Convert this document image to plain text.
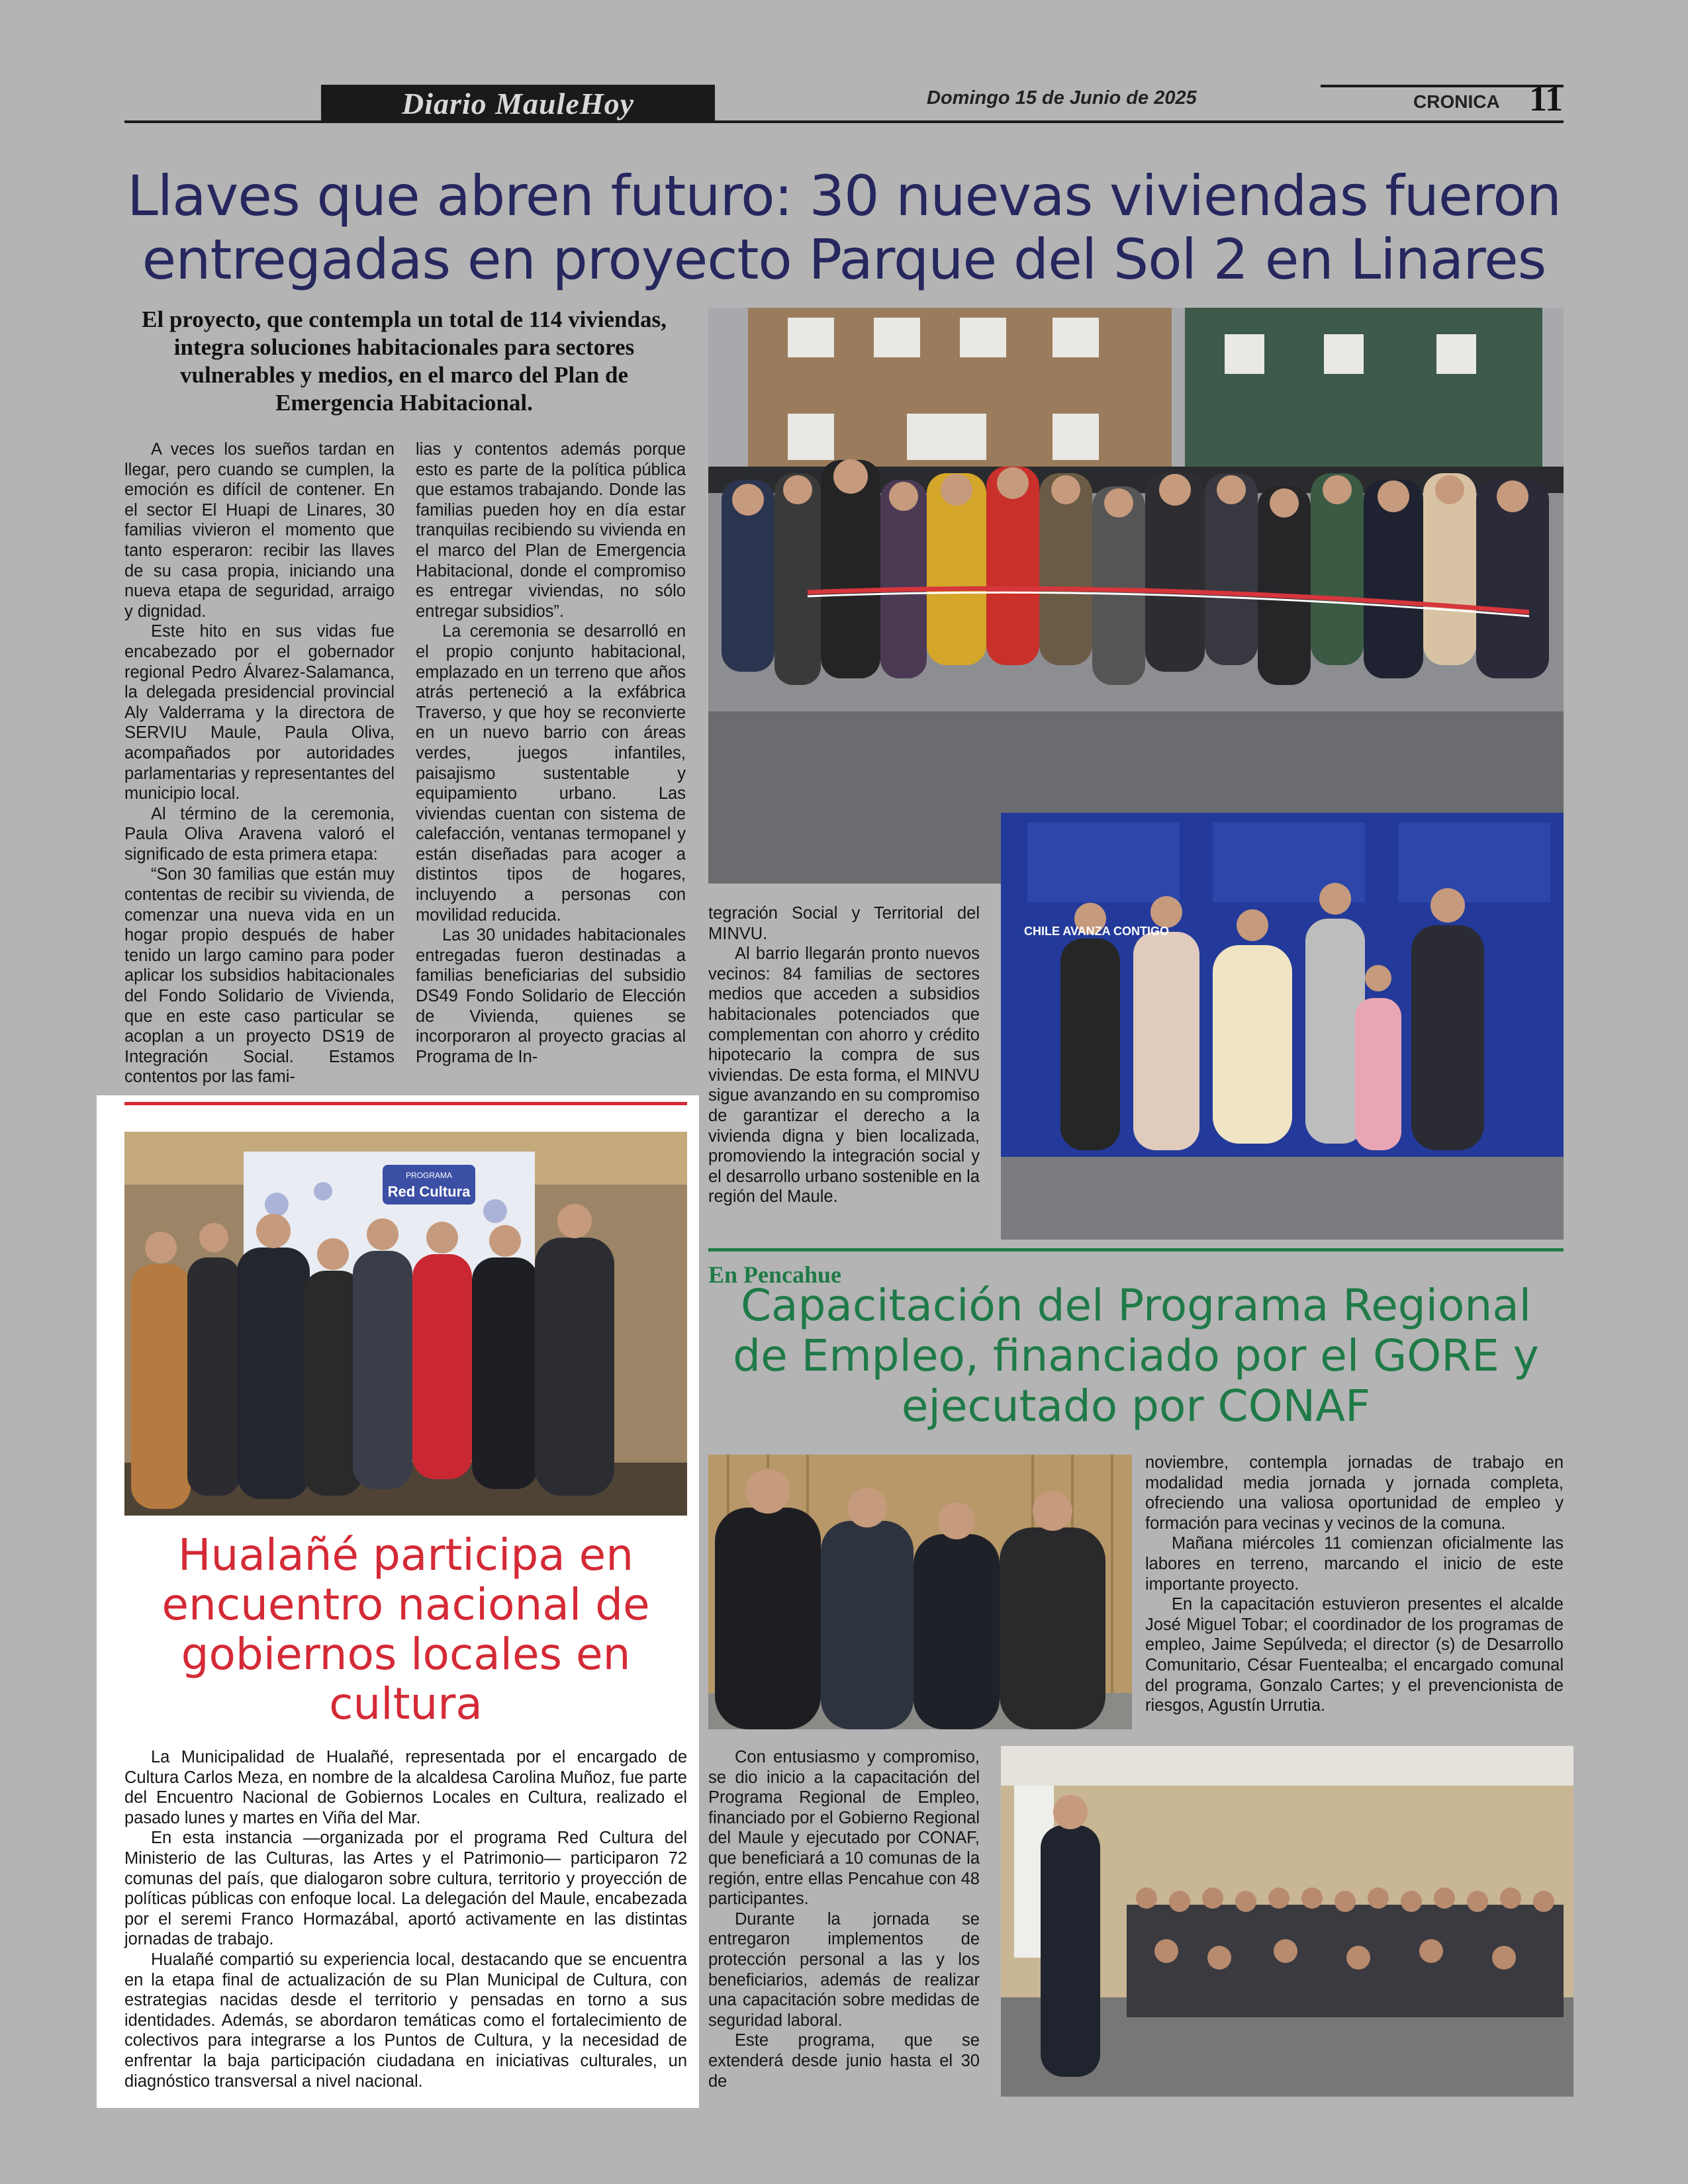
Diario MauleHoy	Domingo 15 de Junio de 2025	CRONICA 11
Llaves que abren futuro: 30 nuevas viviendas fueron entregadas en proyecto Parque del Sol 2 en Linares
El proyecto, que contempla un total de 114 viviendas, integra soluciones habitacionales para sectores vulnerables y medios, en el marco del Plan de Emergencia Habitacional.

A veces los sueños tardan en llegar, pero cuando se cumplen, la emoción es difícil de contener. En el sector El Huapi de Linares, 30 familias vivieron el momento que tanto esperaron: recibir las llaves de su casa propia, iniciando una nueva etapa de seguridad, arraigo y dignidad.

Este hito en sus vidas fue encabezado por el gobernador regional Pedro Álvarez-Salamanca, la delegada presidencial provincial Aly Valderrama y la directora de SERVIU Maule, Paula Oliva, acompañados por autoridades parlamentarias y representantes del municipio local.

Al término de la ceremonia, Paula Oliva Aravena valoró el significado de esta primera etapa:

“Son 30 familias que están muy contentas de recibir su vivienda, de comenzar una nueva vida en un hogar propio después de haber tenido un largo camino para poder aplicar los subsidios habitacionales del Fondo Solidario de Vivienda, que en este caso particular se acoplan a un proyecto DS19 de Integración Social. Estamos contentos por las fami-

lias y contentos además porque esto es parte de la política pública que estamos trabajando. Donde las familias pueden hoy en día estar tranquilas recibiendo su vivienda en el marco del Plan de Emergencia Habitacional, donde el compromiso es entregar viviendas, no sólo entregar subsidios”.

La ceremonia se desarrolló en el propio conjunto habitacional, emplazado en un terreno que años atrás perteneció a la exfábrica Traverso, y que hoy se reconvierte en un nuevo barrio con áreas verdes, juegos infantiles, paisajismo sustentable y equipamiento urbano. Las viviendas cuentan con sistema de calefacción, ventanas termopanel y están diseñadas para acoger a distintos tipos de hogares, incluyendo a personas con movilidad reducida.

Las 30 unidades habitacionales entregadas fueron destinadas a familias beneficiarias del subsidio DS49 Fondo Solidario de Elección de Vivienda, quienes se incorporaron al proyecto gracias al Programa de In-

CHILE AVANZA CONTIGO

tegración Social y Territorial del MINVU.

Al barrio llegarán pronto nuevos vecinos: 84 familias de sectores medios que acceden a subsidios habitacionales potenciados que complementan con ahorro y crédito hipotecario la compra de sus viviendas. De esta forma, el MINVU sigue avanzando en su compromiso de garantizar el derecho a la vivienda digna y bien localizada, promoviendo la integración social y el desarrollo urbano sostenible en la región del Maule.

PROGRAMA
Red Cultura
Hualañé participa en encuentro nacional de gobiernos locales en cultura

La Municipalidad de Hualañé, representada por el encargado de Cultura Carlos Meza, en nombre de la alcaldesa Carolina Muñoz, fue parte del Encuentro Nacional de Gobiernos Locales en Cultura, realizado el pasado lunes y martes en Viña del Mar.

En esta instancia —organizada por el programa Red Cultura del Ministerio de las Culturas, las Artes y el Patrimonio— participaron 72 comunas del país, que dialogaron sobre cultura, territorio y proyección de políticas públicas con enfoque local. La delegación del Maule, encabezada por el seremi Franco Hormazábal, aportó activamente en las distintas jornadas de trabajo.

Hualañé compartió su experiencia local, destacando que se encuentra en la etapa final de actualización de su Plan Municipal de Cultura, con estrategias nacidas desde el territorio y pensadas en torno a sus identidades. Además, se abordaron temáticas como el fortalecimiento de colectivos para integrarse a los Puntos de Cultura, y la necesidad de enfrentar la baja participación ciudadana en iniciativas culturales, un diagnóstico transversal a nivel nacional.

En Pencahue
Capacitación del Programa Regional de Empleo, financiado por el GORE y ejecutado por CONAF

noviembre, contempla jornadas de trabajo en modalidad media jornada y jornada completa, ofreciendo una valiosa oportunidad de empleo y formación para vecinas y vecinos de la comuna.

Mañana miércoles 11 comienzan oficialmente las labores en terreno, marcando el inicio de este importante proyecto.

En la capacitación estuvieron presentes el alcalde José Miguel Tobar; el coordinador de los programas de empleo, Jaime Sepúlveda; el director (s) de Desarrollo Comunitario, César Fuentealba; el encargado comunal del programa, Gonzalo Cartes; y el prevencionista de riesgos, Agustín Urrutia.

Con entusiasmo y compromiso, se dio inicio a la capacitación del Programa Regional de Empleo, financiado por el Gobierno Regional del Maule y ejecutado por CONAF, que beneficiará a 10 comunas de la región, entre ellas Pencahue con 48 participantes.

Durante la jornada se entregaron implementos de protección personal a las y los beneficiarios, además de realizar una capacitación sobre medidas de seguridad laboral.

Este programa, que se extenderá desde junio hasta el 30 de
